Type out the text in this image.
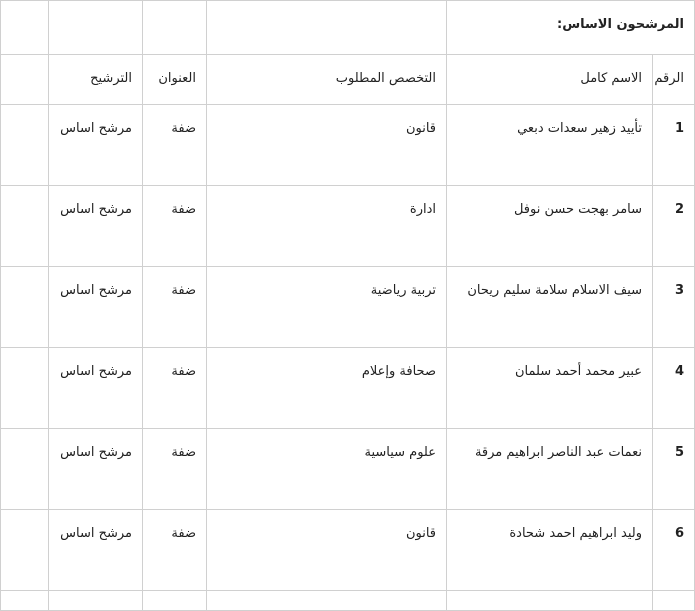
المرشحون الاساس:					
الرقم	الاسم كامل	التخصص المطلوب	العنوان	الترشيح	
1	تأييد زهير سعدات دبعي	قانون	ضفة	مرشح اساس	
2	سامر بهجت حسن نوفل	ادارة	ضفة	مرشح اساس	
3	سيف الاسلام سلامة سليم ريحان	تربية رياضية	ضفة	مرشح اساس	
4	عبير محمد أحمد سلمان	صحافة وإعلام	ضفة	مرشح اساس	
5	نعمات عبد الناصر ابراهيم مرقة	علوم سياسية	ضفة	مرشح اساس	
6	وليد ابراهيم احمد شحادة	قانون	ضفة	مرشح اساس	
